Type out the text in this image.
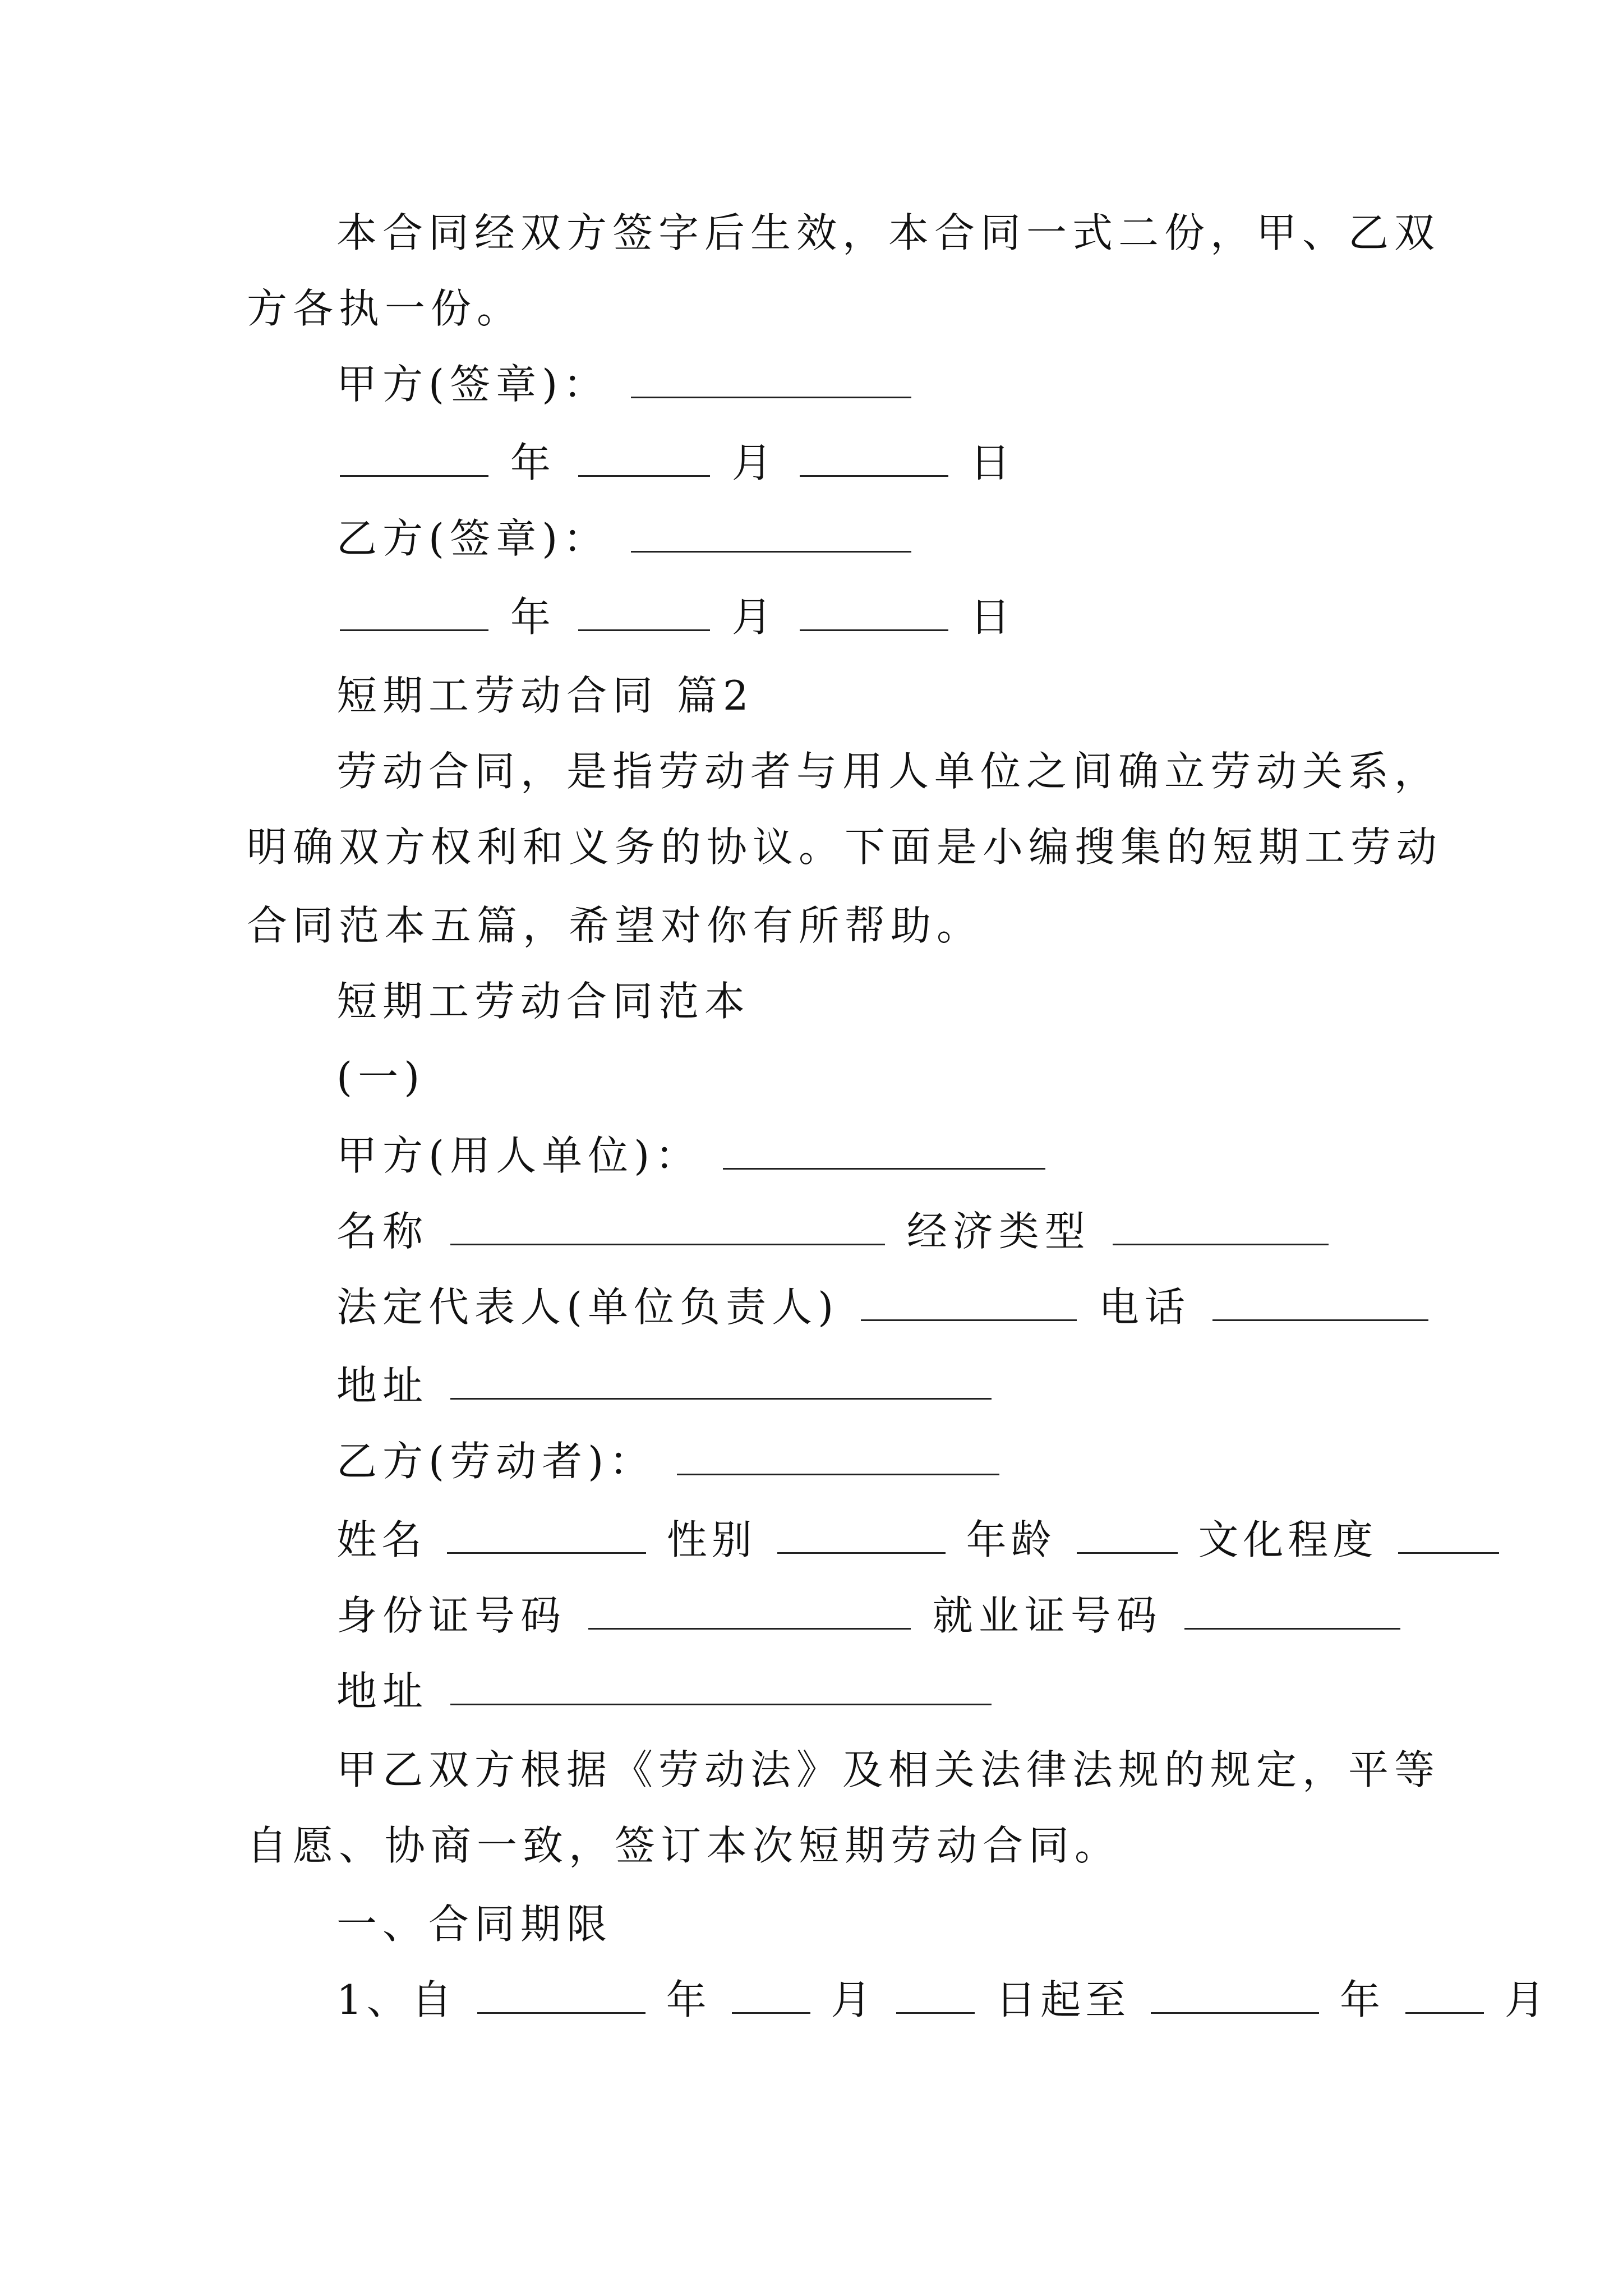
本合同经双方签字后生效，本合同一式二份，甲、乙双
方各执一份。
甲方(签章)：
年	月	日
乙方(签章)：
年	月	日
短期工劳动合同 篇2
劳动合同，是指劳动者与用人单位之间确立劳动关系，
明确双方权利和义务的协议。下面是小编搜集的短期工劳动
合同范本五篇，希望对你有所帮助。
短期工劳动合同范本
(一)
甲方(用人单位)：
名称	经济类型
法定代表人(单位负责人)	电话
地址
乙方(劳动者)：
姓名	性别	年龄	文化程度
身份证号码	就业证号码
地址
甲乙双方根据《劳动法》及相关法律法规的规定，平等
自愿、协商一致，签订本次短期劳动合同。
一、合同期限
1、自	年	月	日起至	年	月
